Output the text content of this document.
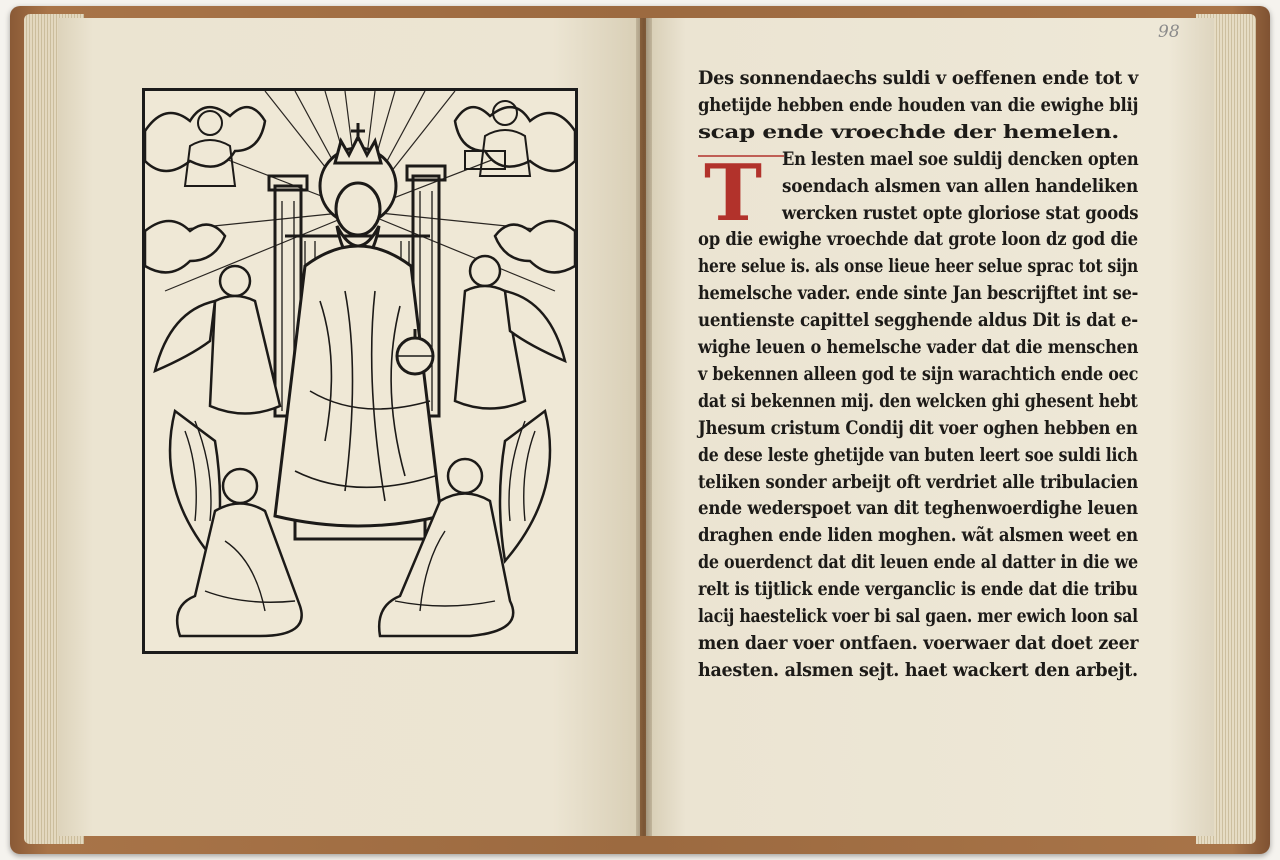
98
T
Des sonnendaechs suldi v oeffenen ende tot v
ghetijde hebben ende houden van die ewighe blij
scap ende vroechde der hemelen.
En lesten mael soe suldij dencken opten
soendach alsmen van allen handeliken
wercken rustet opte gloriose stat goods
op die ewighe vroechde dat grote loon dz god die
here selue is. als onse lieue heer selue sprac tot sijn
hemelsche vader. ende sinte Jan bescrijftet int se-
uentienste capittel segghende aldus Dit is dat e-
wighe leuen o hemelsche vader dat die menschen
v bekennen alleen god te sijn warachtich ende oec
dat si bekennen mij. den welcken ghi ghesent hebt
Jhesum cristum Condij dit voer oghen hebben en
de dese leste ghetijde van buten leert soe suldi lich
teliken sonder arbeijt oft verdriet alle tribulacien
ende wederspoet van dit teghenwoerdighe leuen
draghen ende liden moghen. wãt alsmen weet en
de ouerdenct dat dit leuen ende al datter in die we
relt is tijtlick ende verganclic is ende dat die tribu
lacij haestelick voer bi sal gaen. mer ewich loon sal
men daer voer ontfaen. voerwaer dat doet zeer
haesten. alsmen sejt. haet wackert den arbejt.
